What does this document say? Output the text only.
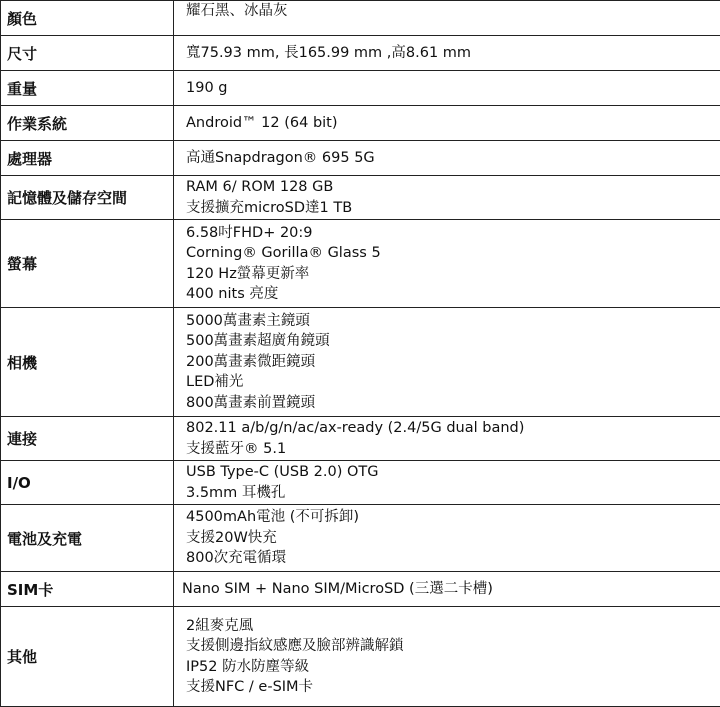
顏色	耀石黑、冰晶灰

尺寸	寬75.93 mm, 長165.99 mm ,高8.61 mm

重量	190 g

作業系統	Android™ 12 (64 bit)

處理器	高通Snapdragon® 695 5G

記憶體及儲存空間	RAM 6/ ROM 128 GB
支援擴充microSD達1 TB

螢幕	6.58吋FHD+ 20:9
Corning® Gorilla® Glass 5
120 Hz螢幕更新率
400 nits 亮度

相機	5000萬畫素主鏡頭
500萬畫素超廣角鏡頭
200萬畫素微距鏡頭
LED補光
800萬畫素前置鏡頭

連接	802.11 a/b/g/n/ac/ax-ready (2.4/5G dual band)
支援藍牙® 5.1

I/O	USB Type-C (USB 2.0) OTG
3.5mm 耳機孔

電池及充電	4500mAh電池 (不可拆卸)
支援20W快充
800次充電循環

SIM卡	Nano SIM + Nano SIM/MicroSD (三選二卡槽)

其他	2組麥克風
支援側邊指紋感應及臉部辨識解鎖
IP52 防水防塵等級
支援NFC / e-SIM卡
